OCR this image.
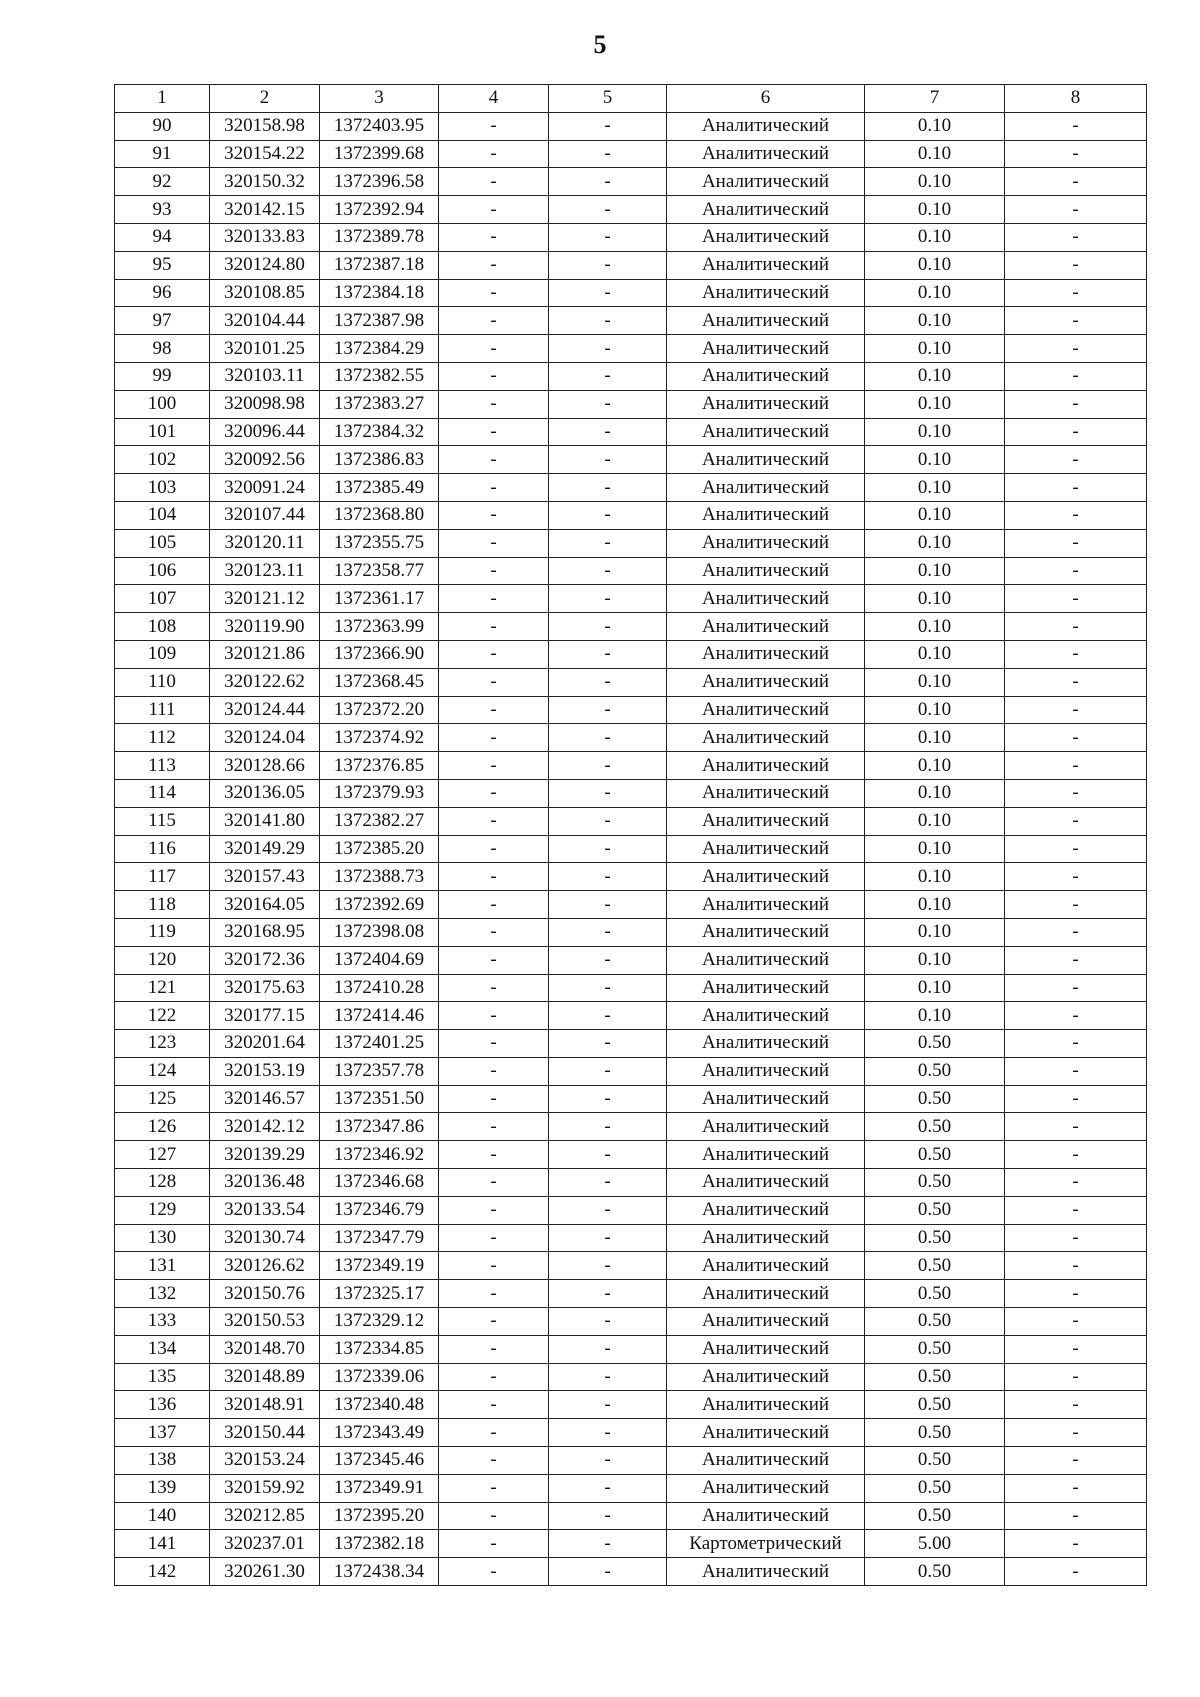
5
1	2	3	4	5	6	7	8
90	320158.98	1372403.95	-	-	Аналитический	0.10	-
91	320154.22	1372399.68	-	-	Аналитический	0.10	-
92	320150.32	1372396.58	-	-	Аналитический	0.10	-
93	320142.15	1372392.94	-	-	Аналитический	0.10	-
94	320133.83	1372389.78	-	-	Аналитический	0.10	-
95	320124.80	1372387.18	-	-	Аналитический	0.10	-
96	320108.85	1372384.18	-	-	Аналитический	0.10	-
97	320104.44	1372387.98	-	-	Аналитический	0.10	-
98	320101.25	1372384.29	-	-	Аналитический	0.10	-
99	320103.11	1372382.55	-	-	Аналитический	0.10	-
100	320098.98	1372383.27	-	-	Аналитический	0.10	-
101	320096.44	1372384.32	-	-	Аналитический	0.10	-
102	320092.56	1372386.83	-	-	Аналитический	0.10	-
103	320091.24	1372385.49	-	-	Аналитический	0.10	-
104	320107.44	1372368.80	-	-	Аналитический	0.10	-
105	320120.11	1372355.75	-	-	Аналитический	0.10	-
106	320123.11	1372358.77	-	-	Аналитический	0.10	-
107	320121.12	1372361.17	-	-	Аналитический	0.10	-
108	320119.90	1372363.99	-	-	Аналитический	0.10	-
109	320121.86	1372366.90	-	-	Аналитический	0.10	-
110	320122.62	1372368.45	-	-	Аналитический	0.10	-
111	320124.44	1372372.20	-	-	Аналитический	0.10	-
112	320124.04	1372374.92	-	-	Аналитический	0.10	-
113	320128.66	1372376.85	-	-	Аналитический	0.10	-
114	320136.05	1372379.93	-	-	Аналитический	0.10	-
115	320141.80	1372382.27	-	-	Аналитический	0.10	-
116	320149.29	1372385.20	-	-	Аналитический	0.10	-
117	320157.43	1372388.73	-	-	Аналитический	0.10	-
118	320164.05	1372392.69	-	-	Аналитический	0.10	-
119	320168.95	1372398.08	-	-	Аналитический	0.10	-
120	320172.36	1372404.69	-	-	Аналитический	0.10	-
121	320175.63	1372410.28	-	-	Аналитический	0.10	-
122	320177.15	1372414.46	-	-	Аналитический	0.10	-
123	320201.64	1372401.25	-	-	Аналитический	0.50	-
124	320153.19	1372357.78	-	-	Аналитический	0.50	-
125	320146.57	1372351.50	-	-	Аналитический	0.50	-
126	320142.12	1372347.86	-	-	Аналитический	0.50	-
127	320139.29	1372346.92	-	-	Аналитический	0.50	-
128	320136.48	1372346.68	-	-	Аналитический	0.50	-
129	320133.54	1372346.79	-	-	Аналитический	0.50	-
130	320130.74	1372347.79	-	-	Аналитический	0.50	-
131	320126.62	1372349.19	-	-	Аналитический	0.50	-
132	320150.76	1372325.17	-	-	Аналитический	0.50	-
133	320150.53	1372329.12	-	-	Аналитический	0.50	-
134	320148.70	1372334.85	-	-	Аналитический	0.50	-
135	320148.89	1372339.06	-	-	Аналитический	0.50	-
136	320148.91	1372340.48	-	-	Аналитический	0.50	-
137	320150.44	1372343.49	-	-	Аналитический	0.50	-
138	320153.24	1372345.46	-	-	Аналитический	0.50	-
139	320159.92	1372349.91	-	-	Аналитический	0.50	-
140	320212.85	1372395.20	-	-	Аналитический	0.50	-
141	320237.01	1372382.18	-	-	Картометрический	5.00	-
142	320261.30	1372438.34	-	-	Аналитический	0.50	-
